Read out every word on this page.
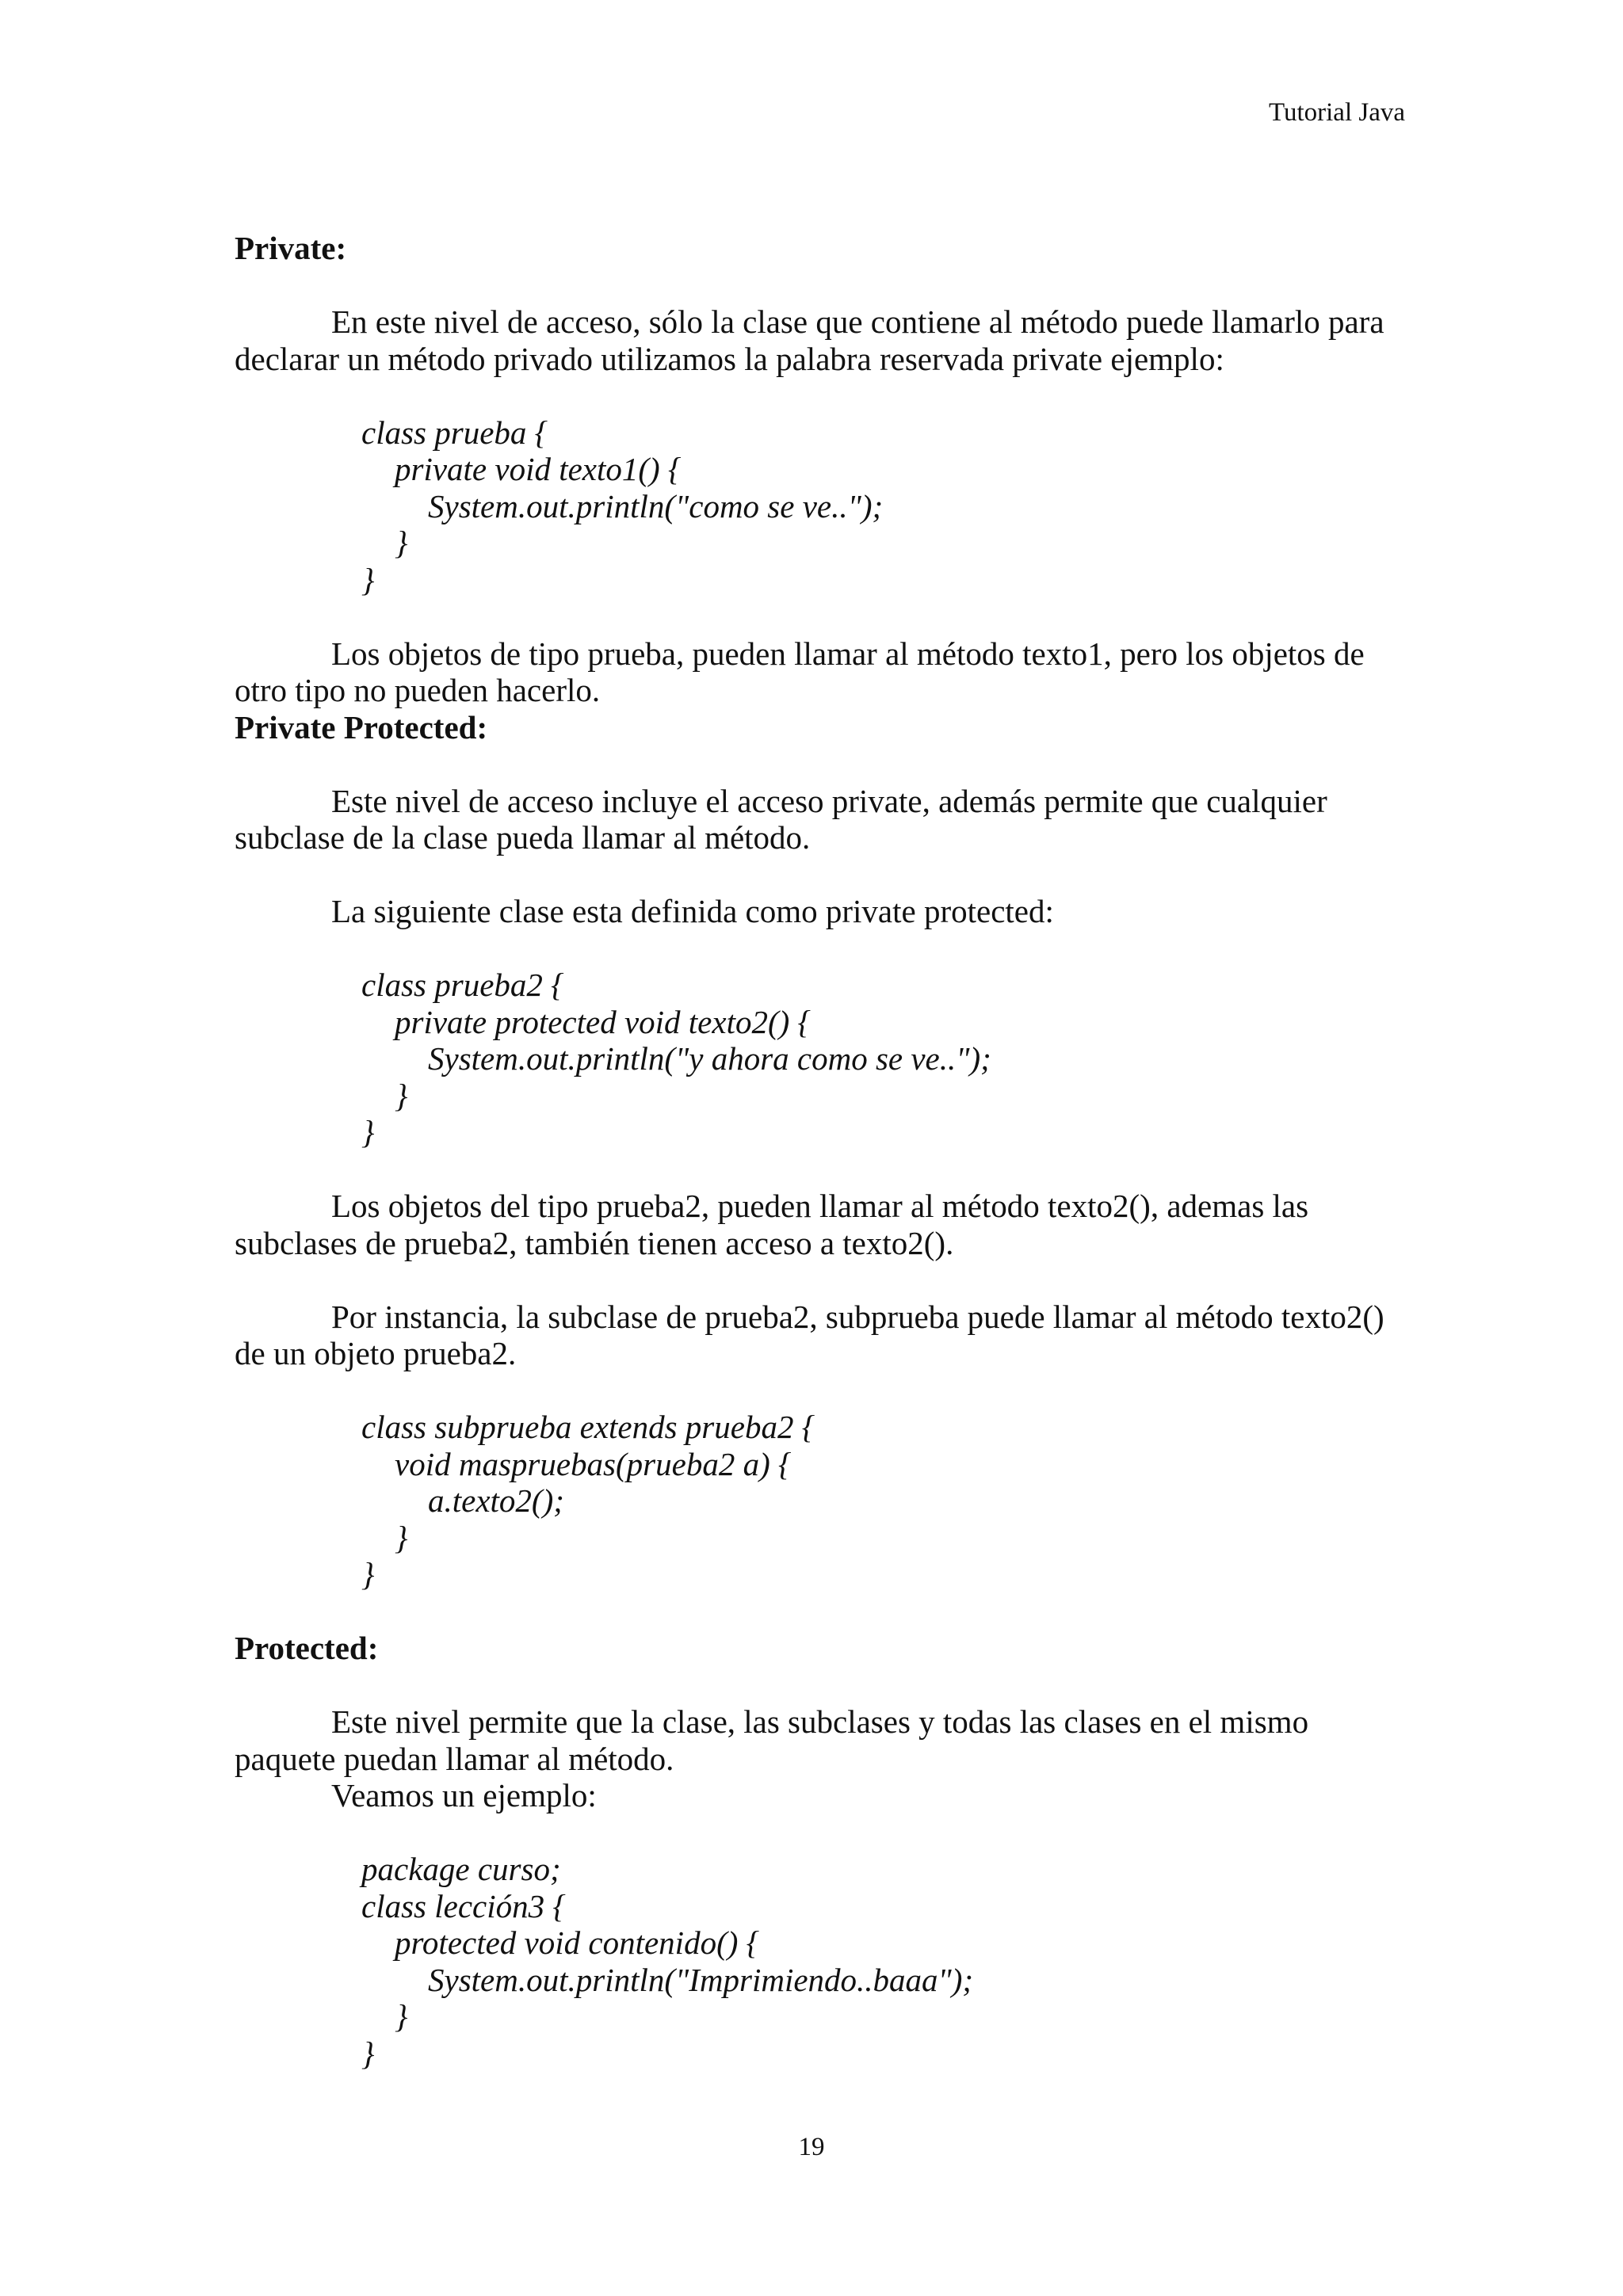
Tutorial Java

Private:

En este nivel de acceso, sólo la clase que contiene al método puede llamarlo para declarar un método privado utilizamos la palabra reservada private ejemplo:

class prueba {
private void texto1() {
System.out.println("como se ve..");
}
}

Los objetos de tipo prueba, pueden llamar al método texto1, pero los objetos de otro tipo no pueden hacerlo.

Private Protected:

Este nivel de acceso incluye el acceso private, además permite que cualquier subclase de la clase pueda llamar al método.

La siguiente clase esta definida como private protected:

class prueba2 {
private protected void texto2() {
System.out.println("y ahora como se ve..");
}
}

Los objetos del tipo prueba2, pueden llamar al método texto2(), ademas las subclases de prueba2, también tienen acceso a texto2().

Por instancia, la subclase de prueba2, subprueba puede llamar al método texto2() de un objeto prueba2.

class subprueba extends prueba2 {
void maspruebas(prueba2 a) {
a.texto2();
}
}

Protected:

Este nivel permite que la clase, las subclases y todas las clases en el mismo paquete puedan llamar al método.

Veamos un ejemplo:

package curso;
class lección3 {
protected void contenido() {
System.out.println("Imprimiendo..baaa");
}
}
19
